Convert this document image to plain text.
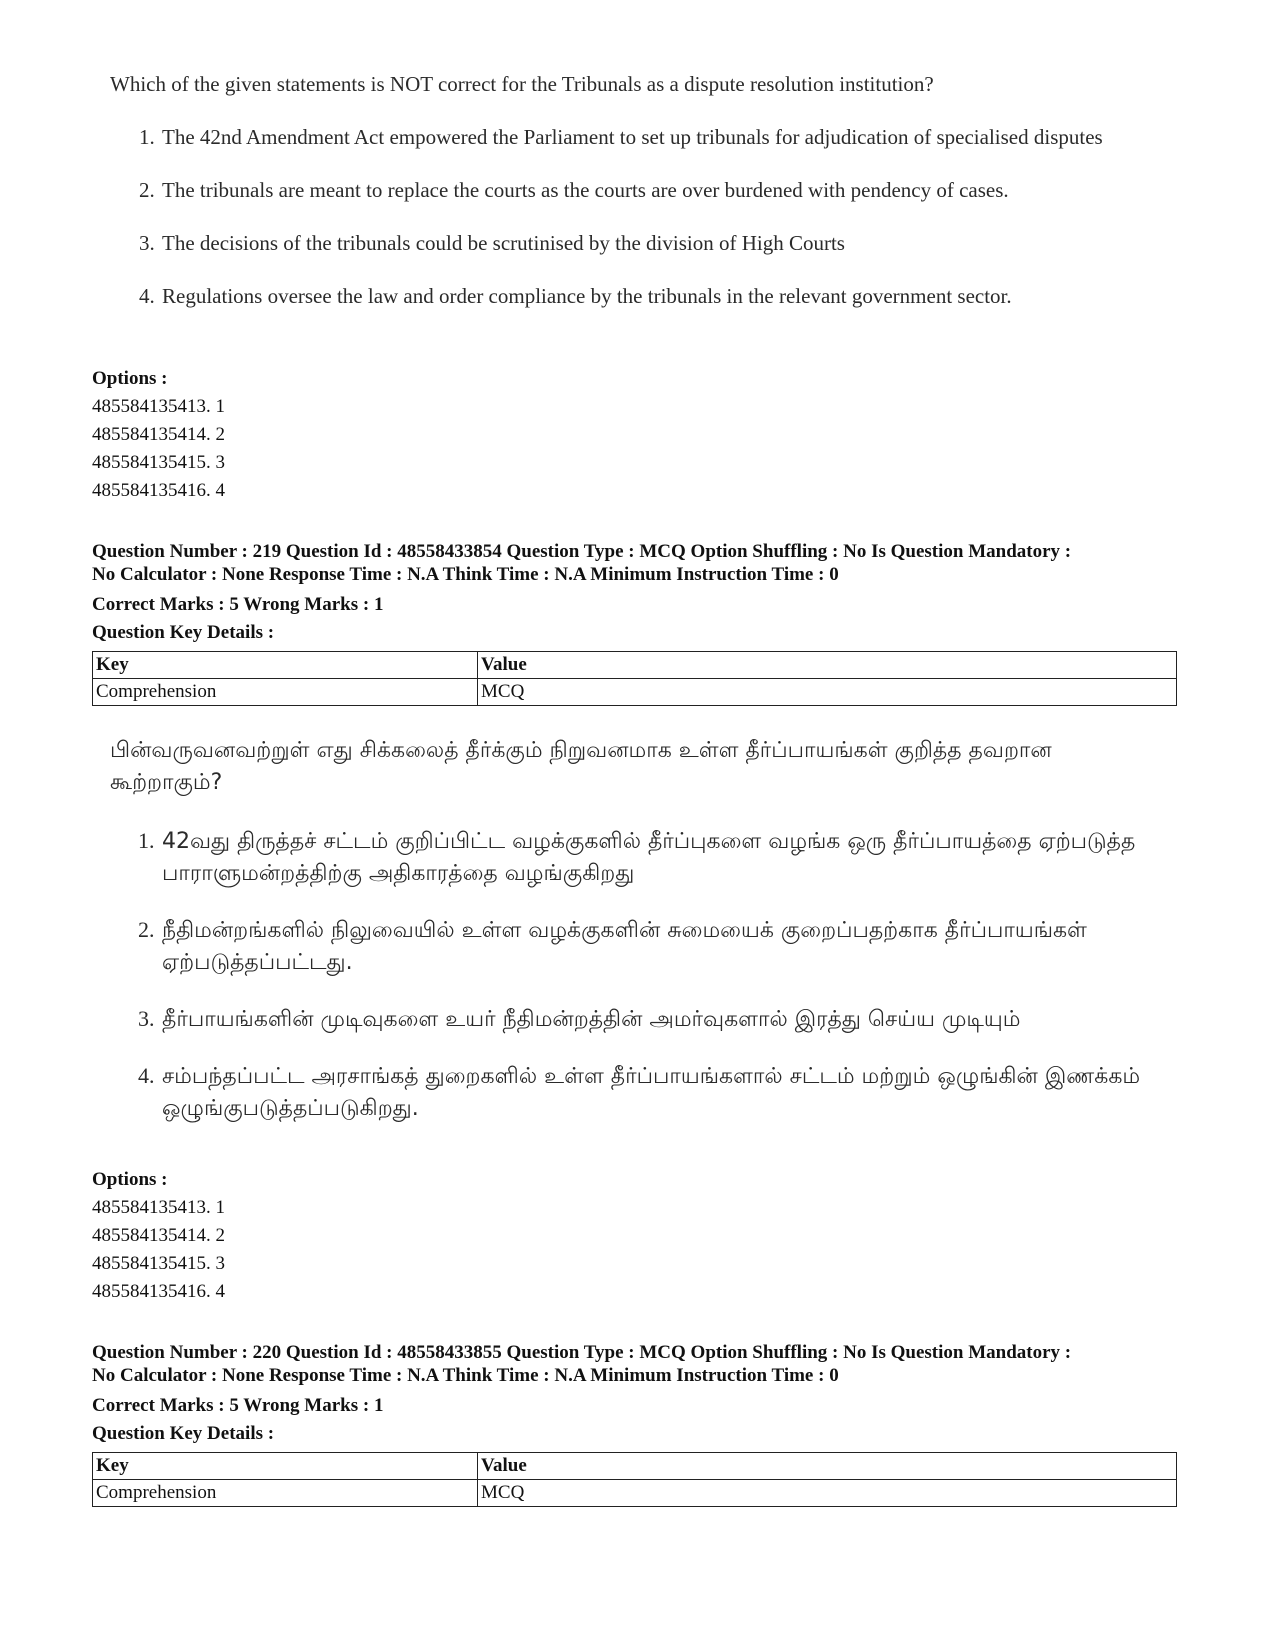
Which of the given statements is NOT correct for the Tribunals as a dispute resolution institution?

1. The 42nd Amendment Act empowered the Parliament to set up tribunals for adjudication of specialised disputes
2. The tribunals are meant to replace the courts as the courts are over burdened with pendency of cases.
3. The decisions of the tribunals could be scrutinised by the division of High Courts
4. Regulations oversee the law and order compliance by the tribunals in the relevant government sector.
Options :
485584135413. 1
485584135414. 2
485584135415. 3
485584135416. 4
Question Number : 219 Question Id : 48558433854 Question Type : MCQ Option Shuffling : No Is Question Mandatory :
No Calculator : None Response Time : N.A Think Time : N.A Minimum Instruction Time : 0
Correct Marks : 5 Wrong Marks : 1
Question Key Details :
Key	Value
Comprehension	MCQ

பின்வருவனவற்றுள் எது சிக்கலைத் தீர்க்கும் நிறுவனமாக உள்ள தீர்ப்பாயங்கள் குறித்த தவறான கூற்றாகும்?

1. 42வது திருத்தச் சட்டம் குறிப்பிட்ட வழக்குகளில் தீர்ப்புகளை வழங்க ஒரு தீர்ப்பாயத்தை ஏற்படுத்த பாராளுமன்றத்திற்கு அதிகாரத்தை வழங்குகிறது
2. நீதிமன்றங்களில் நிலுவையில் உள்ள வழக்குகளின் சுமையைக் குறைப்பதற்காக தீர்ப்பாயங்கள் ஏற்படுத்தப்பட்டது.
3. தீர்பாயங்களின் முடிவுகளை உயர் நீதிமன்றத்தின் அமர்வுகளால் இரத்து செய்ய முடியும்
4. சம்பந்தப்பட்ட அரசாங்கத் துறைகளில் உள்ள தீர்ப்பாயங்களால் சட்டம் மற்றும் ஒழுங்கின் இணக்கம் ஒழுங்குபடுத்தப்படுகிறது.
Options :
485584135413. 1
485584135414. 2
485584135415. 3
485584135416. 4
Question Number : 220 Question Id : 48558433855 Question Type : MCQ Option Shuffling : No Is Question Mandatory :
No Calculator : None Response Time : N.A Think Time : N.A Minimum Instruction Time : 0
Correct Marks : 5 Wrong Marks : 1
Question Key Details :
Key	Value
Comprehension	MCQ
